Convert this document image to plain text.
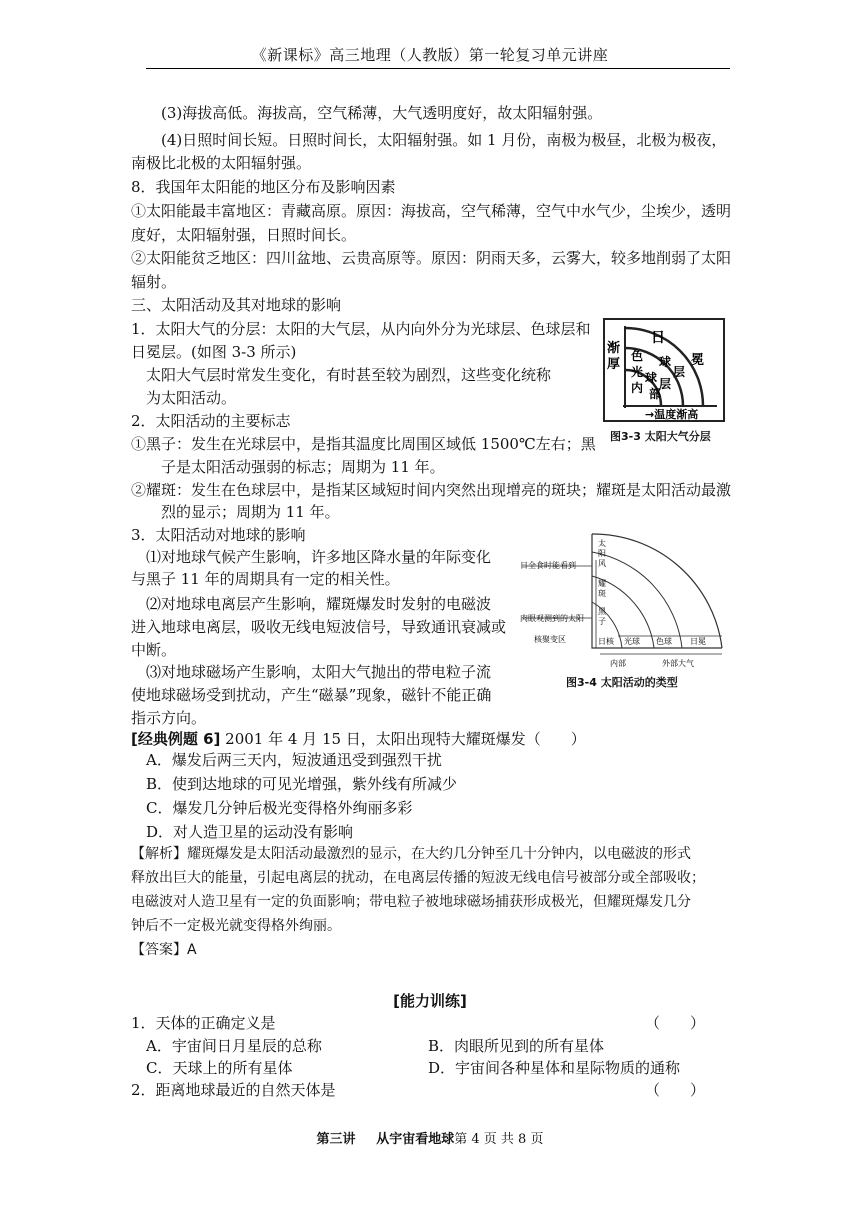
《新课标》高三地理（人教版）第一轮复习单元讲座
(3)海拔高低。海拔高，空气稀薄，大气透明度好，故太阳辐射强。
(4)日照时间长短。日照时间长，太阳辐射强。如 1 月份，南极为极昼，北极为极夜，
南极比北极的太阳辐射强。
8．我国年太阳能的地区分布及影响因素
①太阳能最丰富地区：青藏高原。原因：海拔高，空气稀薄，空气中水气少，尘埃少，透明
度好，太阳辐射强，日照时间长。
②太阳能贫乏地区：四川盆地、云贵高原等。原因：阴雨天多，云雾大，较多地削弱了太阳
辐射。
三、太阳活动及其对地球的影响
1．太阳大气的分层：太阳的大气层，从内向外分为光球层、色球层和
日冕层。(如图 3-3 所示)
太阳大气层时常发生变化，有时甚至较为剧烈，这些变化统称
为太阳活动。
2．太阳活动的主要标志
①黑子：发生在光球层中，是指其温度比周围区域低 1500℃左右；黑
子是太阳活动强弱的标志；周期为 11 年。
②耀斑：发生在色球层中，是指某区域短时间内突然出现增亮的斑块；耀斑是太阳活动最激
烈的显示；周期为 11 年。
3．太阳活动对地球的影响
⑴对地球气候产生影响，许多地区降水量的年际变化
与黑子 11 年的周期具有一定的相关性。
⑵对地球电离层产生影响，耀斑爆发时发射的电磁波
进入地球电离层，吸收无线电短波信号，导致通讯衰减或
中断。
⑶对地球磁场产生影响，太阳大气抛出的带电粒子流
使地球磁场受到扰动，产生“磁暴”现象，磁针不能正确
指示方向。
[经典例题 6] 2001 年 4 月 15 日，太阳出现特大耀斑爆发（　　）
A．爆发后两三天内，短波通迅受到强烈干扰
B．使到达地球的可见光增强，紫外线有所减少
C．爆发几分钟后极光变得格外绚丽多彩
D．对人造卫星的运动没有影响
【解析】耀斑爆发是太阳活动最激烈的显示，在大约几分钟至几十分钟内，以电磁波的形式
释放出巨大的能量，引起电离层的扰动，在电离层传播的短波无线电信号被部分或全部吸收；
电磁波对人造卫星有一定的负面影响；带电粒子被地球磁场捕获形成极光，但耀斑爆发几分
钟后不一定极光就变得格外绚丽。
【答案】A
[能力训练]
1．天体的正确定义是	（　　）
A．宇宙间日月星辰的总称	B．肉眼所见到的所有星体
C．天球上的所有星体	D．宇宙间各种星体和星际物质的通称
2．距离地球最近的自然天体是
日
渐
厚
色
光
内
球
球
部
层
层
冕
→温度渐高
图3-3 太阳大气分层
日全食时能看到
肉眼观测到的太阳
核聚变区
太
阳
风
耀
斑
黑
子
日核 光球 色球 日冕
内部	外部大气
图3-4 太阳活动的类型
第三讲 从宇宙看地球第 4 页 共 8 页
（　　）
